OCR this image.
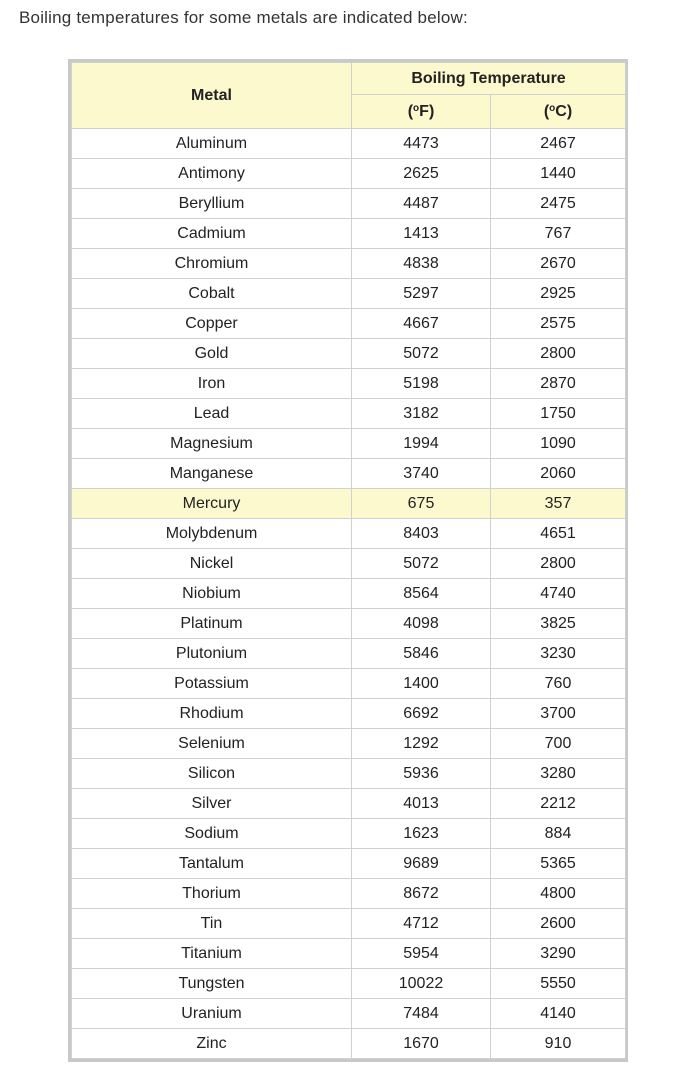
Boiling temperatures for some metals are indicated below:
Metal	Boiling Temperature	
	($^o$F)	($^o$C)
Aluminum	4473	2467
Antimony	2625	1440
Beryllium	4487	2475
Cadmium	1413	767
Chromium	4838	2670
Cobalt	5297	2925
Copper	4667	2575
Gold	5072	2800
Iron	5198	2870
Lead	3182	1750
Magnesium	1994	1090
Manganese	3740	2060
Mercury	675	357
Molybdenum	8403	4651
Nickel	5072	2800
Niobium	8564	4740
Platinum	4098	3825
Plutonium	5846	3230
Potassium	1400	760
Rhodium	6692	3700
Selenium	1292	700
Silicon	5936	3280
Silver	4013	2212
Sodium	1623	884
Tantalum	9689	5365
Thorium	8672	4800
Tin	4712	2600
Titanium	5954	3290
Tungsten	10022	5550
Uranium	7484	4140
Zinc	1670	910
